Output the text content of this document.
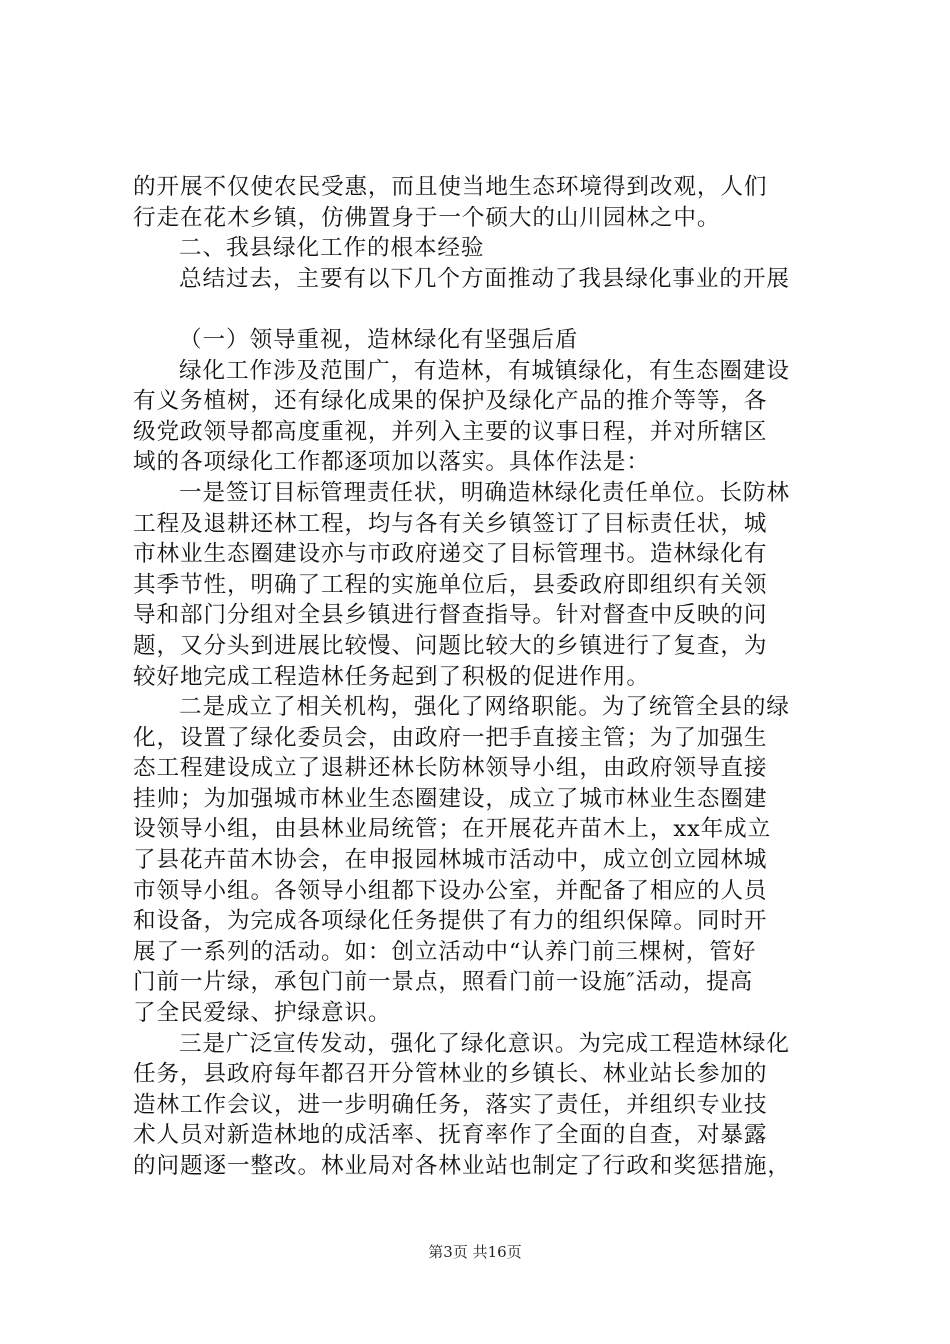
的开展不仅使农民受惠，而且使当地生态环境得到改观，人们
行走在花木乡镇，仿佛置身于一个硕大的山川园林之中。
二、我县绿化工作的根本经验
总结过去，主要有以下几个方面推动了我县绿化事业的开展
（一）领导重视，造林绿化有坚强后盾
绿化工作涉及范围广，有造林，有城镇绿化，有生态圈建设
有义务植树，还有绿化成果的保护及绿化产品的推介等等，各
级党政领导都高度重视，并列入主要的议事日程，并对所辖区
域的各项绿化工作都逐项加以落实。具体作法是：
一是签订目标管理责任状，明确造林绿化责任单位。长防林
工程及退耕还林工程，均与各有关乡镇签订了目标责任状，城
市林业生态圈建设亦与市政府递交了目标管理书。造林绿化有
其季节性，明确了工程的实施单位后，县委政府即组织有关领
导和部门分组对全县乡镇进行督查指导。针对督查中反映的问
题，又分头到进展比较慢、问题比较大的乡镇进行了复查，为
较好地完成工程造林任务起到了积极的促进作用。
二是成立了相关机构，强化了网络职能。为了统管全县的绿
化，设置了绿化委员会，由政府一把手直接主管；为了加强生
态工程建设成立了退耕还林长防林领导小组，由政府领导直接
挂帅；为加强城市林业生态圈建设，成立了城市林业生态圈建
设领导小组，由县林业局统管；在开展花卉苗木上，xx年成立
了县花卉苗木协会，在申报园林城市活动中，成立创立园林城
市领导小组。各领导小组都下设办公室，并配备了相应的人员
和设备，为完成各项绿化任务提供了有力的组织保障。同时开
展了一系列的活动。如：创立活动中“认养门前三棵树，管好
门前一片绿，承包门前一景点，照看门前一设施″活动，提高
了全民爱绿、护绿意识。
三是广泛宣传发动，强化了绿化意识。为完成工程造林绿化
任务，县政府每年都召开分管林业的乡镇长、林业站长参加的
造林工作会议，进一步明确任务，落实了责任，并组织专业技
术人员对新造林地的成活率、抚育率作了全面的自查，对暴露
的问题逐一整改。林业局对各林业站也制定了行政和奖惩措施，
第3页 共16页
